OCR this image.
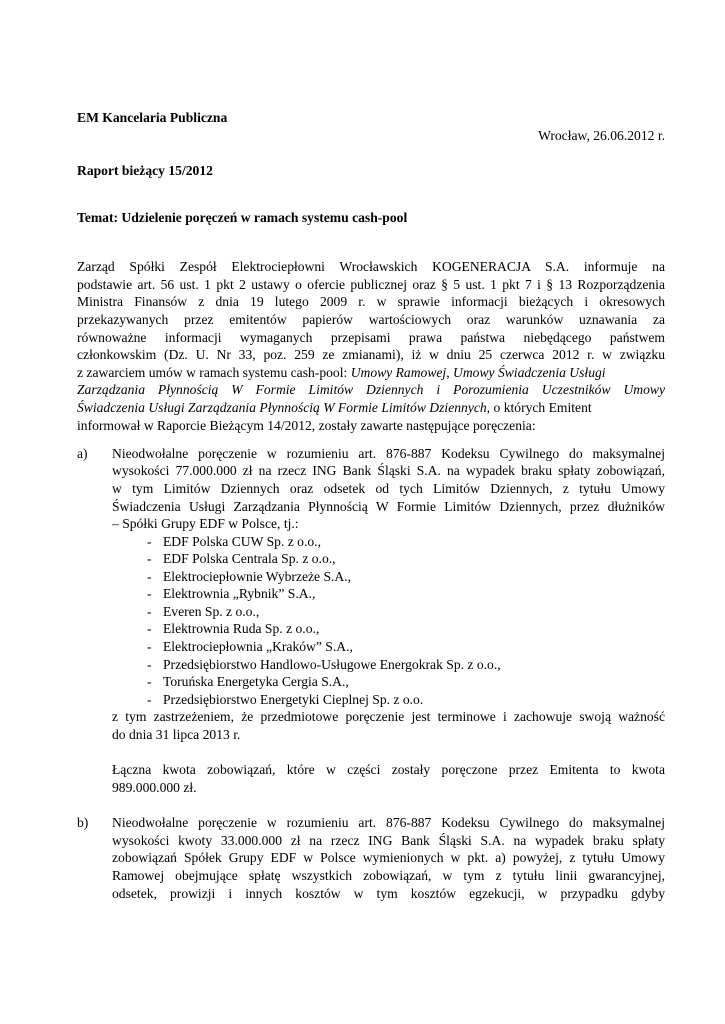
EM Kancelaria Publiczna
Wrocław, 26.06.2012 r.
Raport bieżący 15/2012
Temat: Udzielenie poręczeń w ramach systemu cash-pool
Zarząd Spółki Zespół Elektrociepłowni Wrocławskich KOGENERACJA S.A. informuje na
podstawie art. 56 ust. 1 pkt 2 ustawy o ofercie publicznej oraz § 5 ust. 1 pkt 7 i § 13 Rozporządzenia
Ministra Finansów z dnia 19 lutego 2009 r. w sprawie informacji bieżących i okresowych
przekazywanych przez emitentów papierów wartościowych oraz warunków uznawania za
równoważne informacji wymaganych przepisami prawa państwa niebędącego państwem
członkowskim (Dz. U. Nr 33, poz. 259 ze zmianami), iż w dniu 25 czerwca 2012 r. w związku
z zawarciem umów w ramach systemu cash-pool: Umowy Ramowej, Umowy Świadczenia Usługi
Zarządzania Płynnością W Formie Limitów Dziennych i Porozumienia Uczestników Umowy
Świadczenia Usługi Zarządzania Płynnością W Formie Limitów Dziennych, o których Emitent
informował w Raporcie Bieżącym 14/2012, zostały zawarte następujące poręczenia:
a) Nieodwołalne poręczenie w rozumieniu art. 876-887 Kodeksu Cywilnego do maksymalnej
wysokości 77.000.000 zł na rzecz ING Bank Śląski S.A. na wypadek braku spłaty zobowiązań,
w tym Limitów Dziennych oraz odsetek od tych Limitów Dziennych, z tytułu Umowy
Świadczenia Usługi Zarządzania Płynnością W Formie Limitów Dziennych, przez dłużników
– Spółki Grupy EDF w Polsce, tj.:
- EDF Polska CUW Sp. z o.o.,
- EDF Polska Centrala Sp. z o.o.,
- Elektrociepłownie Wybrzeże S.A.,
- Elektrownia „Rybnik” S.A.,
- Everen Sp. z o.o.,
- Elektrownia Ruda Sp. z o.o.,
- Elektrociepłownia „Kraków” S.A.,
- Przedsiębiorstwo Handlowo-Usługowe Energokrak Sp. z o.o.,
- Toruńska Energetyka Cergia S.A.,
- Przedsiębiorstwo Energetyki Cieplnej Sp. z o.o.
z tym zastrzeżeniem, że przedmiotowe poręczenie jest terminowe i zachowuje swoją ważność
do dnia 31 lipca 2013 r.
Łączna kwota zobowiązań, które w części zostały poręczone przez Emitenta to kwota
989.000.000 zł.
b) Nieodwołalne poręczenie w rozumieniu art. 876-887 Kodeksu Cywilnego do maksymalnej
wysokości kwoty 33.000.000 zł na rzecz ING Bank Śląski S.A. na wypadek braku spłaty
zobowiązań Spółek Grupy EDF w Polsce wymienionych w pkt. a) powyżej, z tytułu Umowy
Ramowej obejmujące spłatę wszystkich zobowiązań, w tym z tytułu linii gwarancyjnej,
odsetek, prowizji i innych kosztów w tym kosztów egzekucji, w przypadku gdyby
